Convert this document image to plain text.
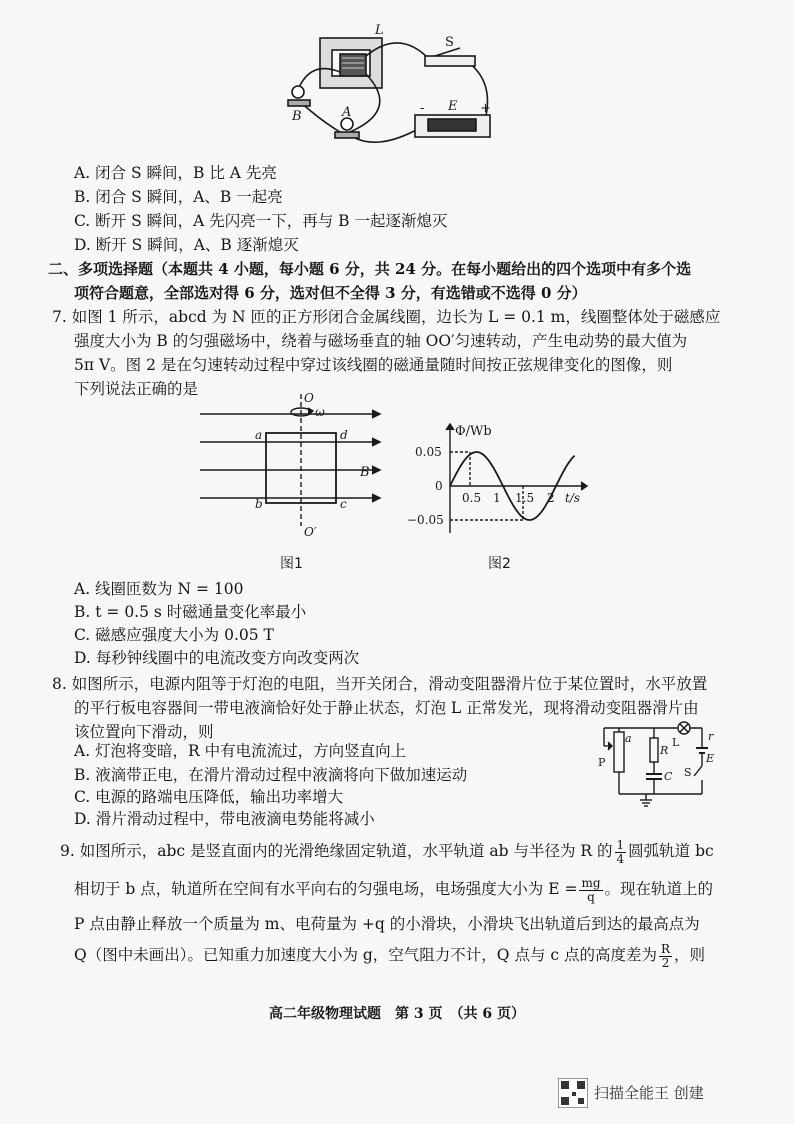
L
S
B	A	E
-	+
A. 闭合 S 瞬间，B 比 A 先亮
B. 闭合 S 瞬间，A、B 一起亮
C. 断开 S 瞬间，A 先闪亮一下，再与 B 一起逐渐熄灭
D. 断开 S 瞬间，A、B 逐渐熄灭
二、多项选择题（本题共 4 小题，每小题 6 分，共 24 分。在每小题给出的四个选项中有多个选
项符合题意，全部选对得 6 分，选对但不全得 3 分，有选错或不选得 0 分）
7. 如图 1 所示，abcd 为 N 匝的正方形闭合金属线圈，边长为 L = 0.1 m，线圈整体处于磁感应
强度大小为 B 的匀强磁场中，绕着与磁场垂直的轴 OO′匀速转动，产生电动势的最大值为
5π V。图 2 是在匀速转动过程中穿过该线圈的磁通量随时间按正弦规律变化的图像，则
下列说法正确的是	O
ω
a	d
B
b	c
O′
图1
Φ/Wb
0.05
0
−0.05
0.5 1 1.5 2 t/s
图2
A. 线圈匝数为 N = 100
B. t = 0.5 s 时磁通量变化率最小
C. 磁感应强度大小为 0.05 T
D. 每秒钟线圈中的电流改变方向改变两次
8. 如图所示，电源内阻等于灯泡的电阻，当开关闭合，滑动变阻器滑片位于某位置时，水平放置
的平行板电容器间一带电液滴恰好处于静止状态，灯泡 L 正常发光，现将滑动变阻器滑片由
该位置向下滑动，则
A. 灯泡将变暗，R 中有电流流过，方向竖直向上
B. 液滴带正电，在滑片滑动过程中液滴将向下做加速运动
C. 电源的路端电压降低，输出功率增大
D. 滑片滑动过程中，带电液滴电势能将减小
a
P
R
C
L	r
E
S
9. 如图所示，abc 是竖直面内的光滑绝缘固定轨道，水平轨道 ab 与半径为 R 的 $\frac{1}{4}$ 圆弧轨道 bc
相切于 b 点，轨道所在空间有水平向右的匀强电场，电场强度大小为 $E = \frac{mg}{q}$ 。现在轨道上的
P 点由静止释放一个质量为 m、电荷量为 +q 的小滑块，小滑块飞出轨道后到达的最高点为
Q（图中未画出）。已知重力加速度大小为 g，空气阻力不计，Q 点与 c 点的高度差为 $\frac{R}{2}$ ，则
高二年级物理试题　第 3 页　（共 6 页）
扫描全能王 创建
